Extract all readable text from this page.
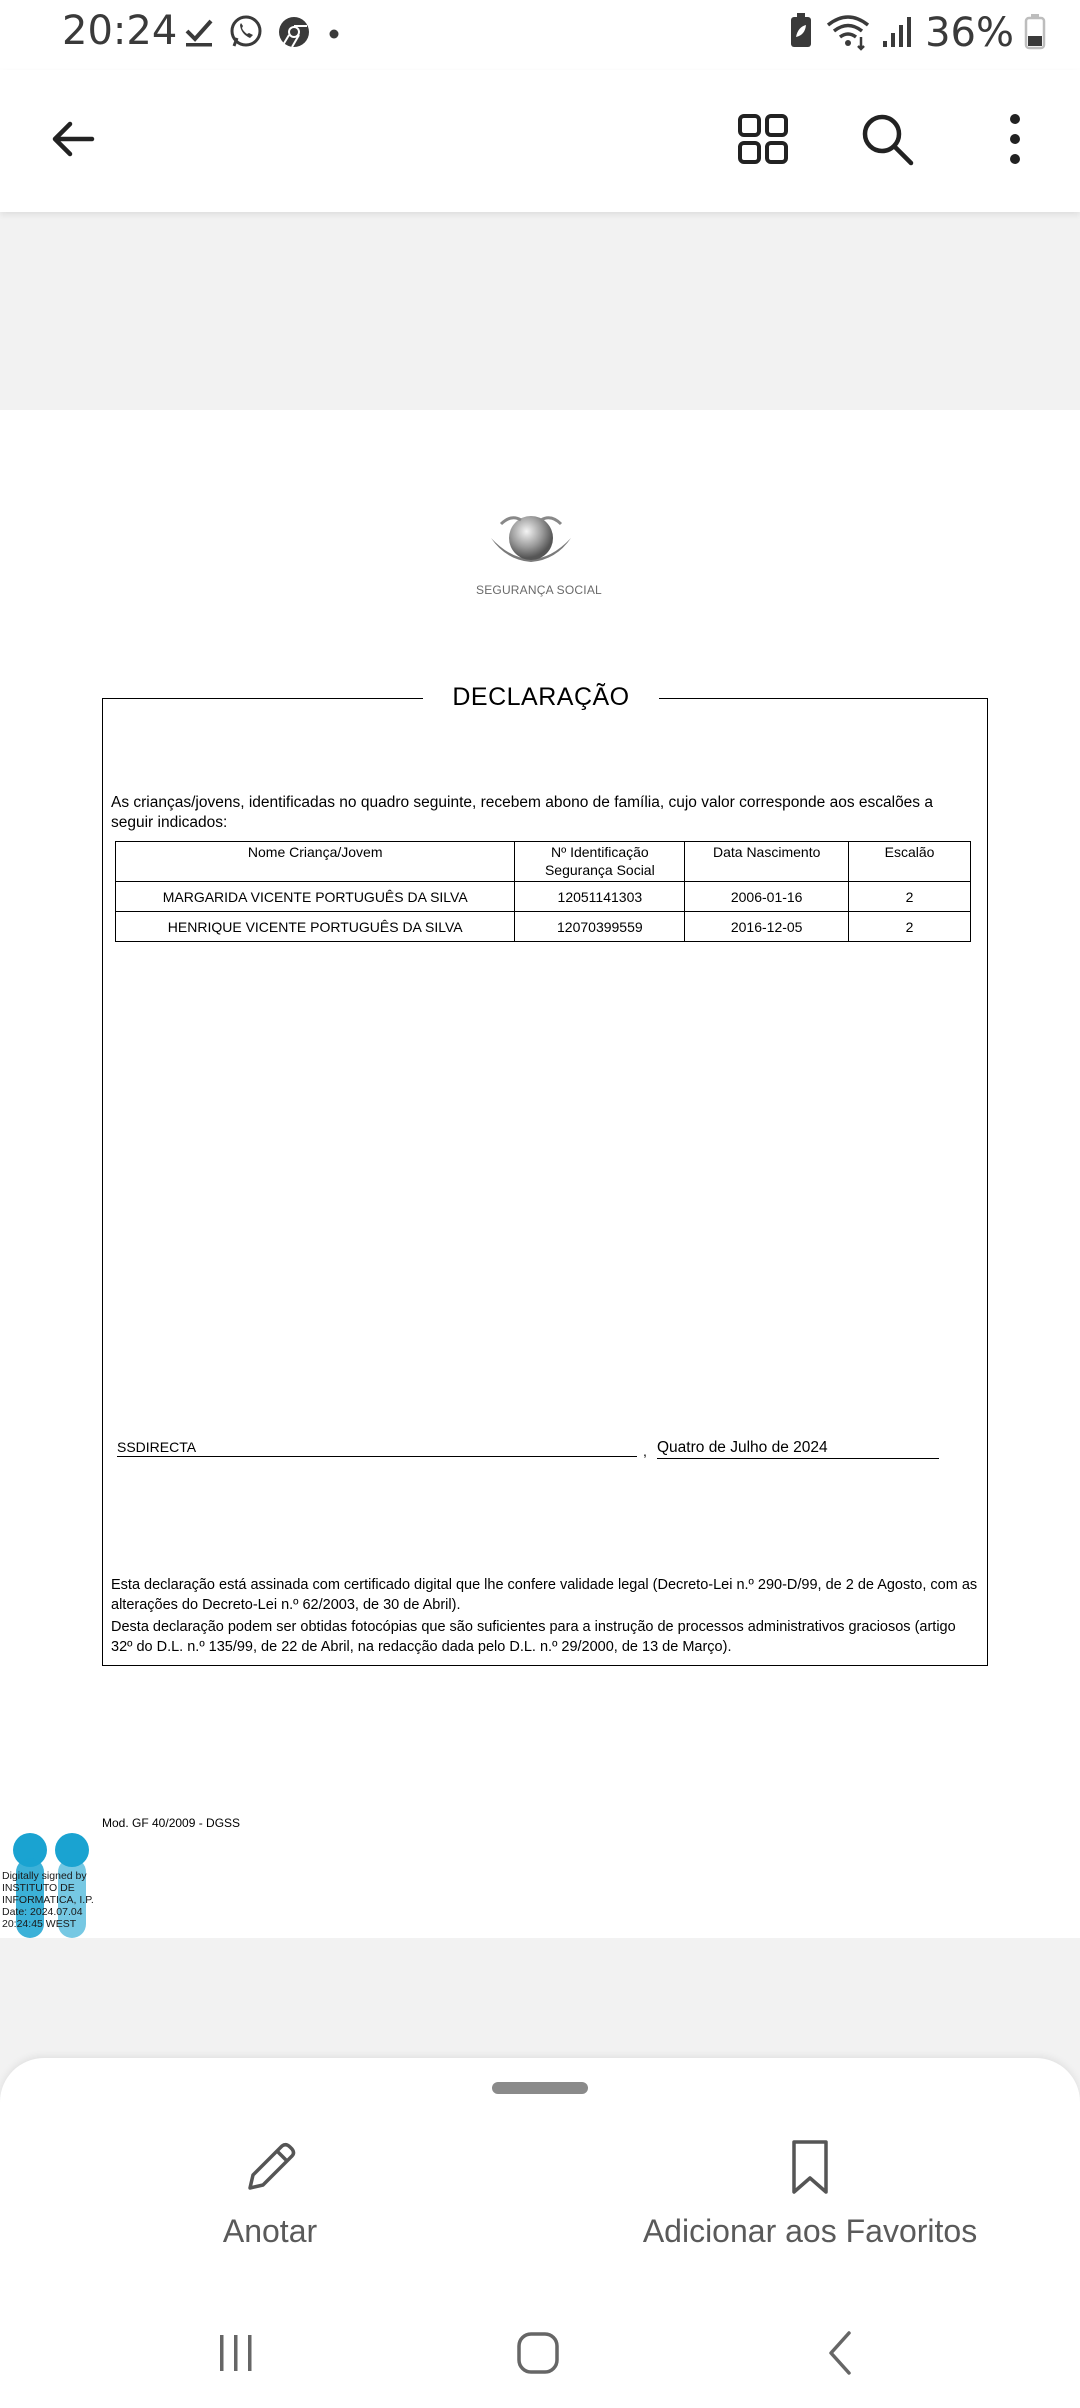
20:24	36%
SEGURANÇA SOCIAL
DECLARAÇÃO
As crianças/jovens, identificadas no quadro seguinte, recebem abono de família, cujo valor corresponde aos escalões a seguir indicados:
Nome Criança/Jovem	Nº Identificação Segurança Social	Data Nascimento	Escalão
MARGARIDA VICENTE PORTUGUÊS DA SILVA	12051141303	2006-01-16	2
HENRIQUE VICENTE PORTUGUÊS DA SILVA	12070399559	2016-12-05	2
SSDIRECTA	, Quatro de Julho de 2024

Esta declaração está assinada com certificado digital que lhe confere validade legal (Decreto-Lei n.º 290-D/99, de 2 de Agosto, com as alterações do Decreto-Lei n.º 62/2003, de 30 de Abril).

Desta declaração podem ser obtidas fotocópias que são suficientes para a instrução de processos administrativos graciosos (artigo 32º do D.L. n.º 135/99, de 22 de Abril, na redacção dada pelo D.L. n.º 29/2000, de 13 de Março).

Mod. GF 40/2009 - DGSS
Digitally signed by INSTITUTO DE INFORMATICA, I.P. Date: 2024.07.04 20:24:45 WEST
Anotar	Adicionar aos Favoritos
